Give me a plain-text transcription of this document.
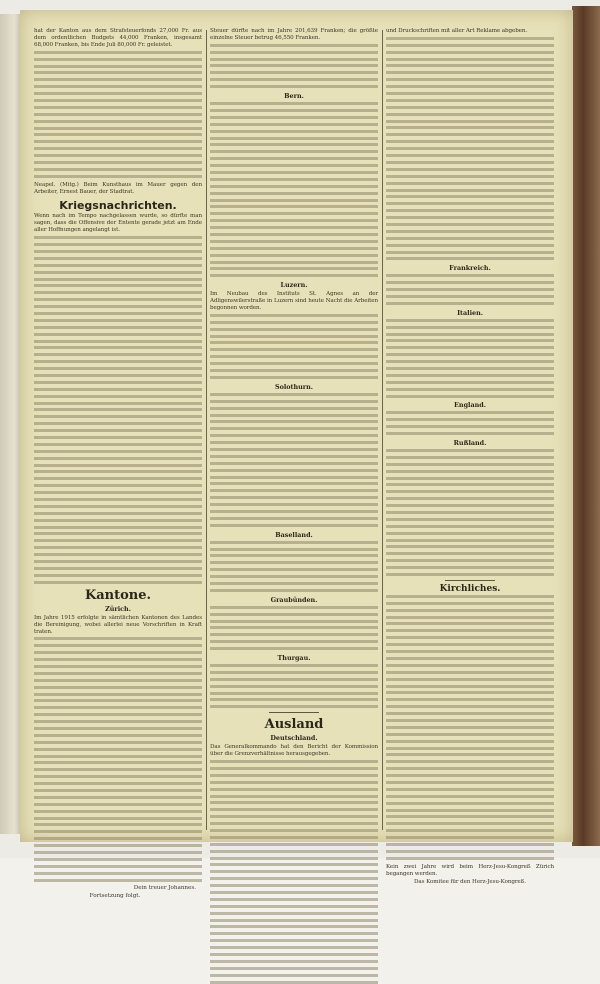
hat der Kanton aus dem Strafsteuerfonds 27,000 Fr. aus dem ordentlichen Budgets 44,000 Franken, insgesamt 68,000 Franken, bis Ende Juli 80,000 Fr. geleistet.

Neapel. (Mitg.) Beim Kunsthaus im Mauer gegen den Arbeiter, Ernest Bauer, der Stadtrat.

Kriegsnachrichten.

Wenn nach im Tempo nachgelassen wurde, so dürfte man sagen, dass die Offensive der Entente gerade jetzt am Ende aller Hoffnungen angelangt ist.

Kantone.
Zürich.

Im Jahre 1915 erfolgte in sämtlichen Kantonen des Landes die Bereinigung, wobei allerlei neue Vorschriften in Kraft traten.

Dein treuer Johannes.
Fortsetzung folgt.

Steuer dürfte nach im Jahre 201,639 Franken; die größte einzelne Steuer betrug 46,550 Franken.

Bern.
Luzern.

Im Neubau des Instituts St. Agnes an der Adligenswilerstraße in Luzern sind heute Nacht die Arbeiten begonnen worden.

Solothurn.
Baselland.
Graubünden.
Thurgau.
Ausland
Deutschland.

Das Generalkommando hat den Bericht der Kommission über die Grenzverhältnisse herausgegeben.

und Druckschriften mit aller Art Reklame abgeben.

Frankreich.
Italien.
England.
Rußland.
Kirchliches.

Kein zwei Jahre wird beim Herz-Jesu-Kongreß Zürich begangen werden.

Das Komitee für den Herz-Jesu-Kongreß.
